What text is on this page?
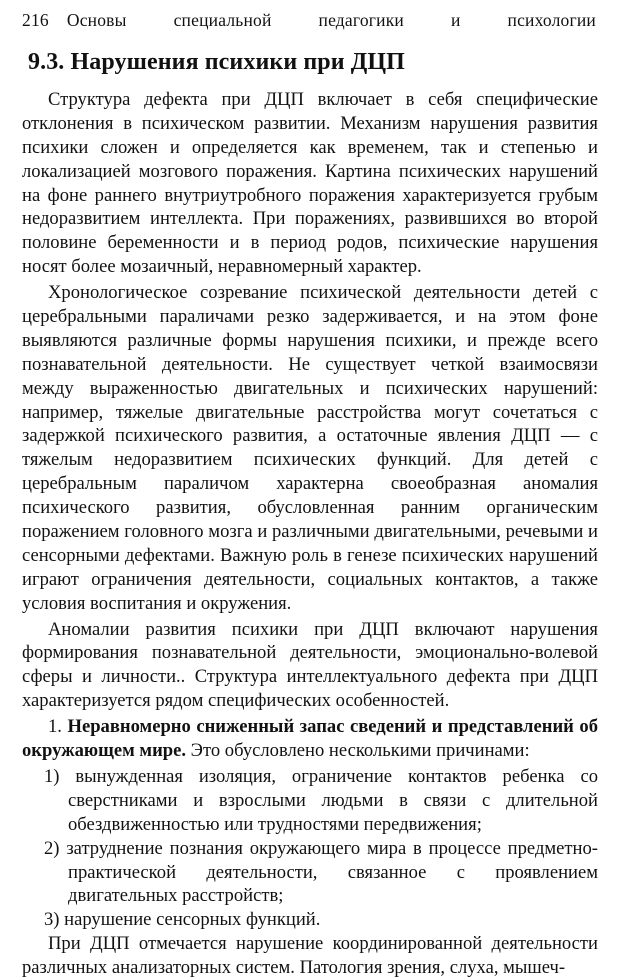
216 Основы	специальной	педагогики	и	психологии
9.3. Нарушения психики при ДЦП

Структура дефекта при ДЦП включает в себя специфические отклонения в психическом развитии. Механизм нарушения развития психики сложен и определяется как временем, так и степенью и локализацией мозгового поражения. Картина психических нарушений на фоне раннего внутриутробного поражения характеризуется грубым недоразвитием интеллекта. При поражениях, развившихся во второй половине беременности и в период родов, психические нарушения носят более мозаичный, неравномерный характер.

Хронологическое созревание психической деятельности детей с церебральными параличами резко задерживается, и на этом фоне выявляются различные формы нарушения психики, и прежде всего познавательной деятельности. Не существует четкой взаимосвязи между выраженностью двигательных и психических нарушений: например, тяжелые двигательные расстройства могут сочетаться с задержкой психического развития, а остаточные явления ДЦП — с тяжелым недоразвитием психических функций. Для детей с церебральным параличом характерна своеобразная аномалия психического развития, обусловленная ранним органическим поражением головного мозга и различными двигательными, речевыми и сенсорными дефектами. Важную роль в генезе психических нарушений играют ограничения деятельности, социальных контактов, а также условия воспитания и окружения.

Аномалии развития психики при ДЦП включают нарушения формирования познавательной деятельности, эмоционально-волевой сферы и личности.. Структура интеллектуального дефекта при ДЦП характеризуется рядом специфических особенностей.

1. Неравномерно сниженный запас сведений и представлений об окружающем мире. Это обусловлено несколькими причинами:

1) вынужденная изоляция, ограничение контактов ребенка со сверстниками и взрослыми людьми в связи с длительной обездвиженностью или трудностями передвижения;
2) затруднение познания окружающего мира в процессе предметно-практической деятельности, связанное с проявлением двигательных расстройств;
3) нарушение сенсорных функций.

При ДЦП отмечается нарушение координированной деятельности различных анализаторных систем. Патология зрения, слуха, мышеч-
